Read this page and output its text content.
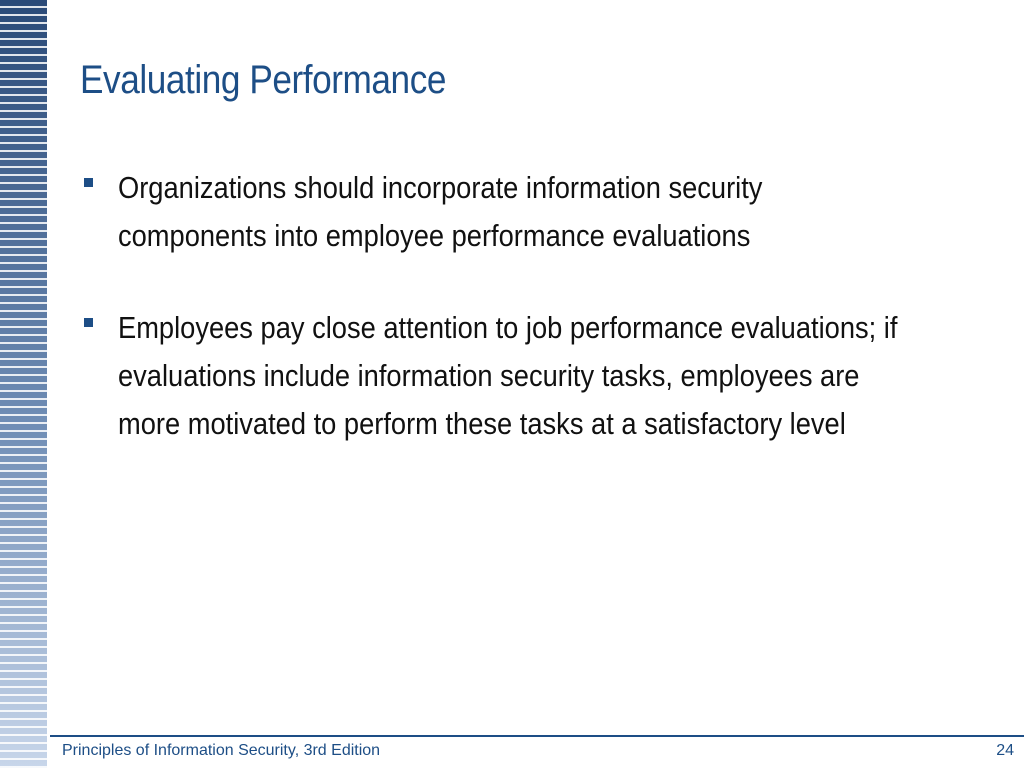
Evaluating Performance
Organizations should incorporate information security components into employee performance evaluations
Employees pay close attention to job performance evaluations; if evaluations include information security tasks, employees are more motivated to perform these tasks at a satisfactory level
Principles of Information Security, 3rd Edition	24
